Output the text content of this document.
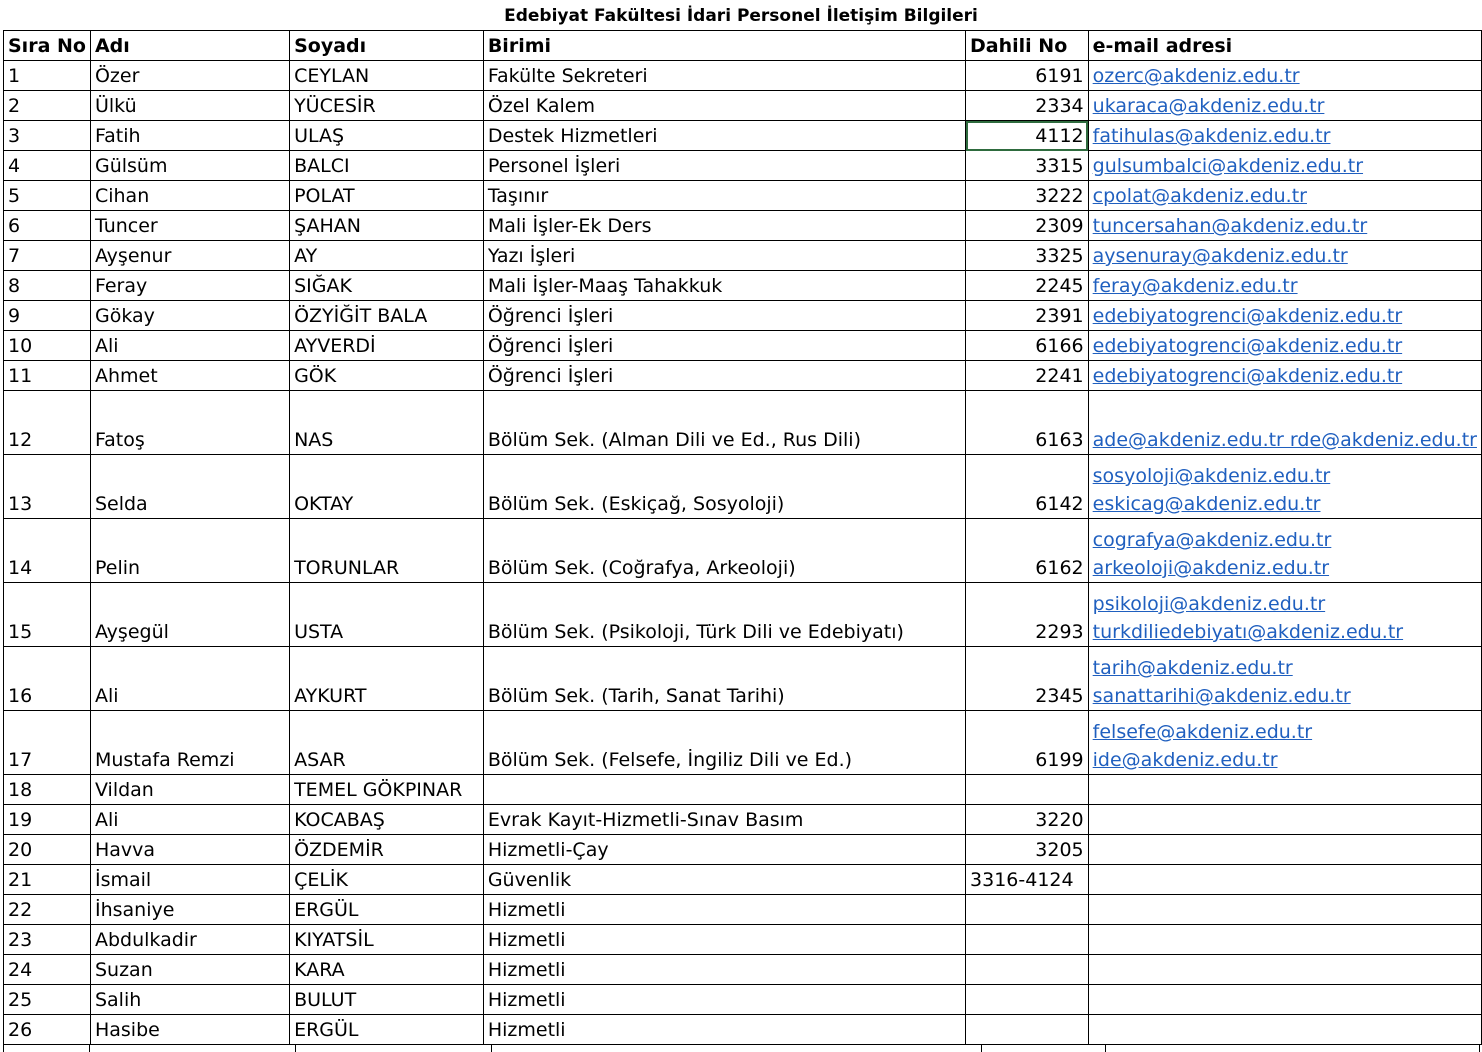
Edebiyat Fakültesi İdari Personel İletişim Bilgileri
Sıra No	Adı	Soyadı	Birimi	Dahili No	e-mail adresi
1	Özer	CEYLAN	Fakülte Sekreteri	6191	ozerc@akdeniz.edu.tr

2	Ülkü	YÜCESİR	Özel Kalem	2334	ukaraca@akdeniz.edu.tr

3	Fatih	ULAŞ	Destek Hizmetleri	4112	fatihulas@akdeniz.edu.tr

4	Gülsüm	BALCI	Personel İşleri	3315	gulsumbalci@akdeniz.edu.tr

5	Cihan	POLAT	Taşınır	3222	cpolat@akdeniz.edu.tr

6	Tuncer	ŞAHAN	Mali İşler-Ek Ders	2309	tuncersahan@akdeniz.edu.tr

7	Ayşenur	AY	Yazı İşleri	3325	aysenuray@akdeniz.edu.tr

8	Feray	SIĞAK	Mali İşler-Maaş Tahakkuk	2245	feray@akdeniz.edu.tr

9	Gökay	ÖZYİĞİT BALA	Öğrenci İşleri	2391	edebiyatogrenci@akdeniz.edu.tr

10	Ali	AYVERDİ	Öğrenci İşleri	6166	edebiyatogrenci@akdeniz.edu.tr

11	Ahmet	GÖK	Öğrenci İşleri	2241	edebiyatogrenci@akdeniz.edu.tr

12	Fatoş	NAS	Bölüm Sek. (Alman Dili ve Ed., Rus Dili)	6163	ade@akdeniz.edu.tr rde@akdeniz.edu.tr

13	Selda	OKTAY	Bölüm Sek. (Eskiçağ, Sosyoloji)	6142	sosyoloji@akdeniz.edu.tr
eskicag@akdeniz.edu.tr

14	Pelin	TORUNLAR	Bölüm Sek. (Coğrafya, Arkeoloji)	6162	cografya@akdeniz.edu.tr
arkeoloji@akdeniz.edu.tr

15	Ayşegül	USTA	Bölüm Sek. (Psikoloji, Türk Dili ve Edebiyatı)	2293	psikoloji@akdeniz.edu.tr
turkdiliedebiyatı@akdeniz.edu.tr

16	Ali	AYKURT	Bölüm Sek. (Tarih, Sanat Tarihi)	2345	tarih@akdeniz.edu.tr
sanattarihi@akdeniz.edu.tr

17	Mustafa Remzi	ASAR	Bölüm Sek. (Felsefe, İngiliz Dili ve Ed.)	6199	felsefe@akdeniz.edu.tr
ide@akdeniz.edu.tr

18	Vildan	TEMEL GÖKPINAR			
19	Ali	KOCABAŞ	Evrak Kayıt-Hizmetli-Sınav Basım	3220	
20	Havva	ÖZDEMİR	Hizmetli-Çay	3205	
21	İsmail	ÇELİK	Güvenlik	3316-4124	
22	İhsaniye	ERGÜL	Hizmetli		
23	Abdulkadir	KIYATSİL	Hizmetli		
24	Suzan	KARA	Hizmetli		
25	Salih	BULUT	Hizmetli		
26	Hasibe	ERGÜL	Hizmetli		
